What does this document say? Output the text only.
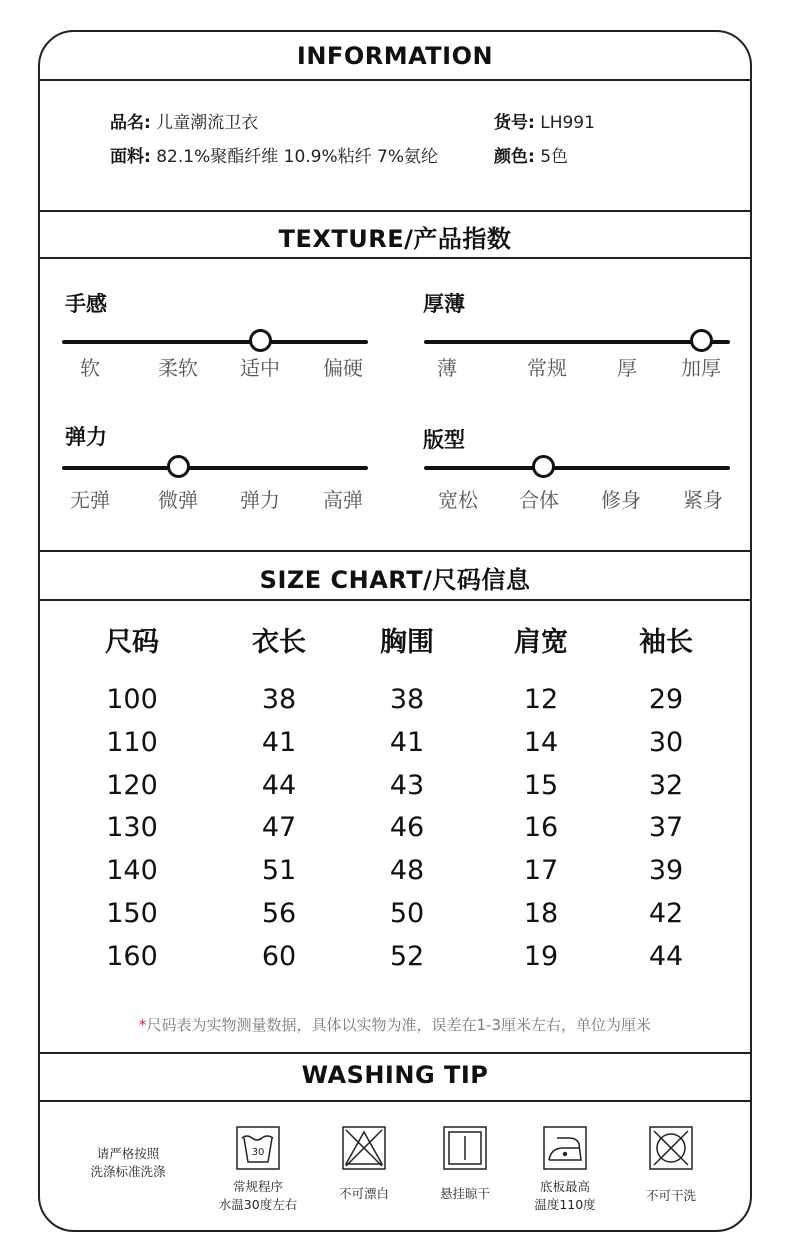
INFORMATION
品名: 儿童潮流卫衣
面料: 82.1%聚酯纤维 10.9%粘纤 7%氨纶
货号: LH991
颜色: 5色
TEXTURE/产品指数
手感
软	柔软	适中	偏硬
厚薄
薄	常规	厚	加厚
弹力
无弹	微弹	弹力	高弹
版型
宽松	合体	修身	紧身
SIZE CHART/尺码信息
尺码	衣长	胸围	肩宽	袖长
100	38	38	12	29
110	41	41	14	30
120	44	43	15	32
130	47	46	16	37
140	51	48	17	39
150	56	50	18	42
160	60	52	19	44
*尺码表为实物测量数据，具体以实物为准，误差在1-3厘米左右，单位为厘米
WASHING TIP
请严格按照
洗涤标准洗涤
30
常规程序
水温30度左右
不可漂白	悬挂晾干	底板最高
温度110度
不可干洗
